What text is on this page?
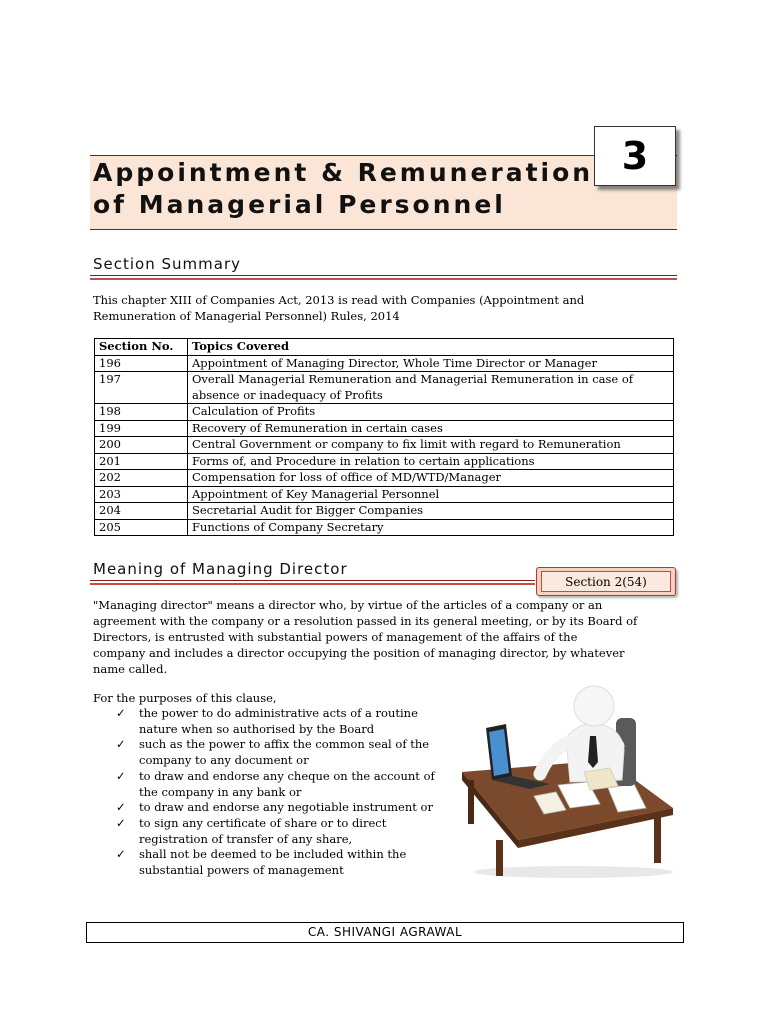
Appointment & Remuneration
of Managerial Personnel
3
Section Summary
This chapter XIII of Companies Act, 2013 is read with Companies (Appointment and
Remuneration of Managerial Personnel) Rules, 2014
Section No.	Topics Covered
196	Appointment of Managing Director, Whole Time Director or Manager
197	Overall Managerial Remuneration and Managerial Remuneration in case of absence or inadequacy of Profits
198	Calculation of Profits
199	Recovery of Remuneration in certain cases
200	Central Government or company to fix limit with regard to Remuneration
201	Forms of, and Procedure in relation to certain applications
202	Compensation for loss of office of MD/WTD/Manager
203	Appointment of Key Managerial Personnel
204	Secretarial Audit for Bigger Companies
205	Functions of Company Secretary
Meaning of Managing Director
Section 2(54)
"Managing director" means a director who, by virtue of the articles of a company or an
agreement with the company or a resolution passed in its general meeting, or by its Board of
Directors, is entrusted with substantial powers of management of the affairs of the
company and includes a director occupying the position of managing director, by whatever
name called.
For the purposes of this clause,
✓ the power to do administrative acts of a routine nature when so authorised by the Board
✓ such as the power to affix the common seal of the company to any document or
✓ to draw and endorse any cheque on the account of the company in any bank or
✓ to draw and endorse any negotiable instrument or
✓ to sign any certificate of share or to direct registration of transfer of any share,
✓ shall not be deemed to be included within the substantial powers of management
CA. SHIVANGI AGRAWAL
